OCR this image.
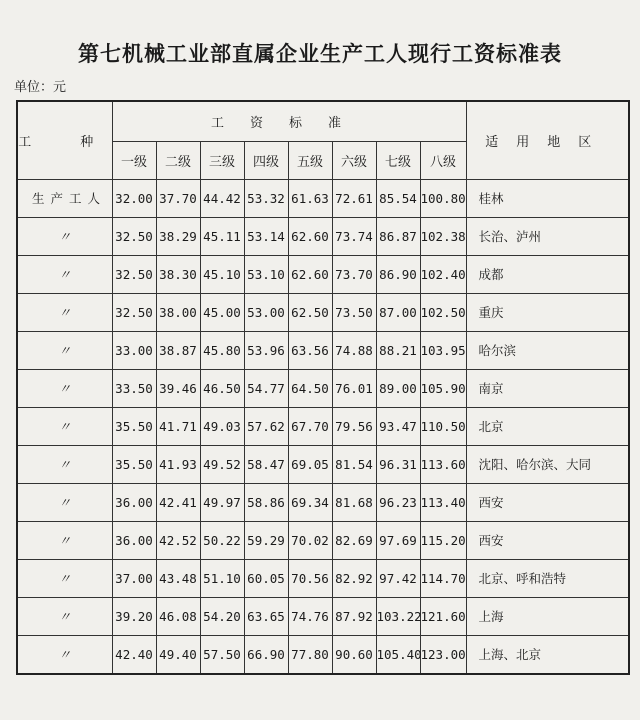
第七机械工业部直属企业生产工人现行工资标准表
单位：元
工　种	工资标准								适用地区
	一级	二级	三级	四级	五级	六级	七级	八级	
生产工人	32.00	37.70	44.42	53.32	61.63	72.61	85.54	100.80	桂林
〃	32.50	38.29	45.11	53.14	62.60	73.74	86.87	102.38	长治、泸州
〃	32.50	38.30	45.10	53.10	62.60	73.70	86.90	102.40	成都
〃	32.50	38.00	45.00	53.00	62.50	73.50	87.00	102.50	重庆
〃	33.00	38.87	45.80	53.96	63.56	74.88	88.21	103.95	哈尔滨
〃	33.50	39.46	46.50	54.77	64.50	76.01	89.00	105.90	南京
〃	35.50	41.71	49.03	57.62	67.70	79.56	93.47	110.50	北京
〃	35.50	41.93	49.52	58.47	69.05	81.54	96.31	113.60	沈阳、哈尔滨、大同
〃	36.00	42.41	49.97	58.86	69.34	81.68	96.23	113.40	西安
〃	36.00	42.52	50.22	59.29	70.02	82.69	97.69	115.20	西安
〃	37.00	43.48	51.10	60.05	70.56	82.92	97.42	114.70	北京、呼和浩特
〃	39.20	46.08	54.20	63.65	74.76	87.92	103.22	121.60	上海
〃	42.40	49.40	57.50	66.90	77.80	90.60	105.40	123.00	上海、北京
